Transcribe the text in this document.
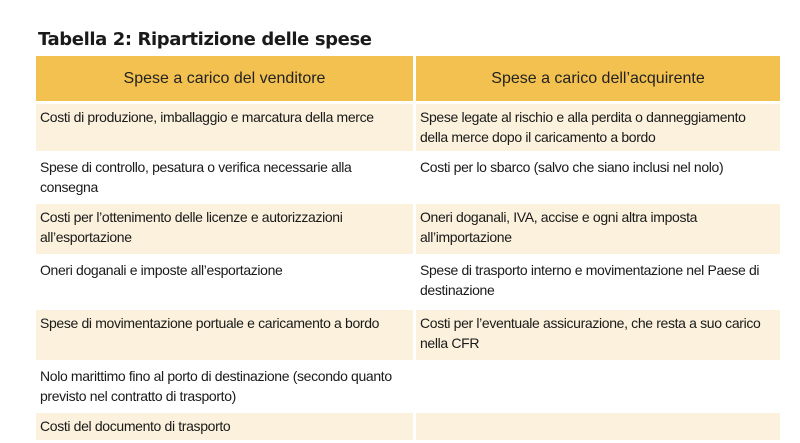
Tabella 2: Ripartizione delle spese
Spese a carico del venditore	Spese a carico dell’acquirente

Costi di produzione, imballaggio e marcatura della merce	Spese legate al rischio e alla perdita o danneggiamento della merce dopo il caricamento a bordo

Spese di controllo, pesatura o verifica necessarie alla consegna	Costi per lo sbarco (salvo che siano inclusi nel nolo)

Costi per l’ottenimento delle licenze e autorizzazioni all’esportazione	Oneri doganali, IVA, accise e ogni altra imposta all’importazione

Oneri doganali e imposte all’esportazione	Spese di trasporto interno e movimentazione nel Paese di destinazione

Spese di movimentazione portuale e caricamento a bordo	Costi per l’eventuale assicurazione, che resta a suo carico nella CFR

Nolo marittimo fino al porto di destinazione (secondo quanto previsto nel contratto di trasporto)	

Costi del documento di trasporto	
